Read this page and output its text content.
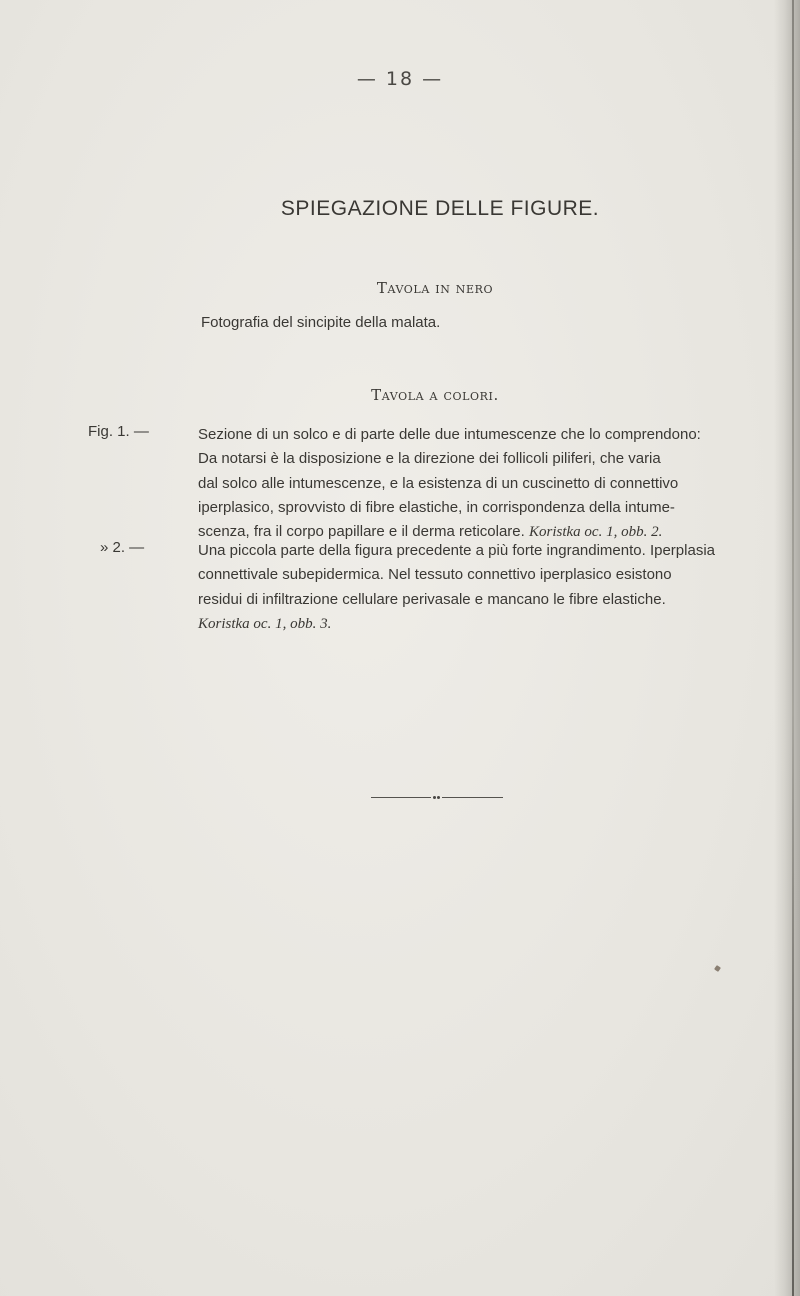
— 18 —
SPIEGAZIONE DELLE FIGURE.
Tavola in nero
Fotografia del sincipite della malata.
Tavola a colori.
Fig. 1. —	Sezione di un solco e di parte delle due intumescenze che lo comprendono:

Da notarsi è la disposizione e la direzione dei follicoli piliferi, che varia

dal solco alle intumescenze, e la esistenza di un cuscinetto di connettivo

iperplasico, sprovvisto di fibre elastiche, in corrispondenza della intume-

scenza, fra il corpo papillare e il derma reticolare. Koristka oc. 1, obb. 2.

» 2. —	Una piccola parte della figura precedente a più forte ingrandimento. Iperplasia

connettivale subepidermica. Nel tessuto connettivo iperplasico esistono

residui di infiltrazione cellulare perivasale e mancano le fibre elastiche.

Koristka oc. 1, obb. 3.
